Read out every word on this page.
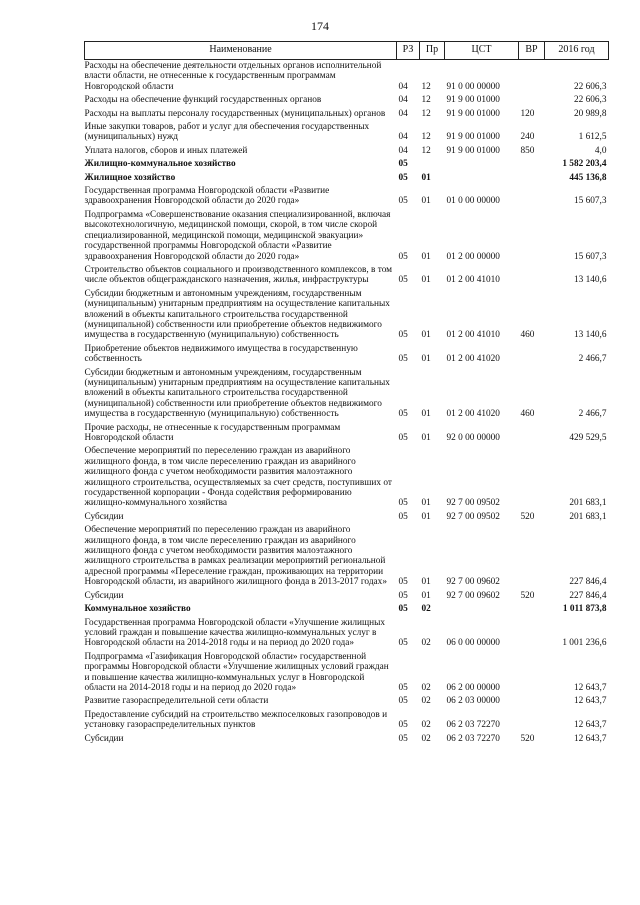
174
Наименование	РЗ	Пр	ЦСТ	ВР	2016 год
Расходы на обеспечение деятельности отдельных органов исполнительной власти области, не отнесенные к государственным программам Новгородской области	04	12	91 0 00 00000		22 606,3
Расходы на обеспечение функций государственных органов	04	12	91 9 00 01000		22 606,3
Расходы на выплаты персоналу государственных (муниципальных) органов	04	12	91 9 00 01000	120	20 989,8
Иные закупки товаров, работ и услуг для обеспечения государственных (муниципальных) нужд	04	12	91 9 00 01000	240	1 612,5
Уплата налогов, сборов и иных платежей	04	12	91 9 00 01000	850	4,0
Жилищно-коммунальное хозяйство	05				1 582 203,4
Жилищное хозяйство	05	01			445 136,8
Государственная программа Новгородской области «Развитие здравоохранения Новгородской области до 2020 года»	05	01	01 0 00 00000		15 607,3
Подпрограмма «Совершенствование оказания специализированной, включая высокотехнологичную, медицинской помощи, скорой, в том числе скорой специализированной, медицинской помощи, медицинской эвакуации» государственной программы Новгородской области «Развитие здравоохранения Новгородской области до 2020 года»	05	01	01 2 00 00000		15 607,3
Строительство объектов социального и производственного комплексов, в том числе объектов общегражданского назначения, жилья, инфраструктуры	05	01	01 2 00 41010		13 140,6
Субсидии бюджетным и автономным учреждениям, государственным (муниципальным) унитарным предприятиям на осуществление капитальных вложений в объекты капитального строительства государственной (муниципальной) собственности или приобретение объектов недвижимого имущества в государственную (муниципальную) собственность	05	01	01 2 00 41010	460	13 140,6
Приобретение объектов недвижимого имущества в государственную собственность	05	01	01 2 00 41020		2 466,7
Субсидии бюджетным и автономным учреждениям, государственным (муниципальным) унитарным предприятиям на осуществление капитальных вложений в объекты капитального строительства государственной (муниципальной) собственности или приобретение объектов недвижимого имущества в государственную (муниципальную) собственность	05	01	01 2 00 41020	460	2 466,7
Прочие расходы, не отнесенные к государственным программам Новгородской области	05	01	92 0 00 00000		429 529,5
Обеспечение мероприятий по переселению граждан из аварийного жилищного фонда, в том числе переселению граждан из аварийного жилищного фонда с учетом необходимости развития малоэтажного жилищного строительства, осуществляемых за счет средств, поступивших от государственной корпорации - Фонда содействия реформированию жилищно-коммунального хозяйства	05	01	92 7 00 09502		201 683,1
Субсидии	05	01	92 7 00 09502	520	201 683,1
Обеспечение мероприятий по переселению граждан из аварийного жилищного фонда, в том числе переселению граждан из аварийного жилищного фонда с учетом необходимости развития малоэтажного жилищного строительства в рамках реализации мероприятий региональной адресной программы «Переселение граждан, проживающих на территории Новгородской области, из аварийного жилищного фонда в 2013-2017 годах»	05	01	92 7 00 09602		227 846,4
Субсидии	05	01	92 7 00 09602	520	227 846,4
Коммунальное хозяйство	05	02			1 011 873,8
Государственная программа Новгородской области «Улучшение жилищных условий граждан и повышение качества жилищно-коммунальных услуг в Новгородской области на 2014-2018 годы и на период до 2020 года»	05	02	06 0 00 00000		1 001 236,6
Подпрограмма «Газификация Новгородской области» государственной программы Новгородской области «Улучшение жилищных условий граждан и повышение качества жилищно-коммунальных услуг в Новгородской области на 2014-2018 годы и на период до 2020 года»	05	02	06 2 00 00000		12 643,7
Развитие газораспределительной сети области	05	02	06 2 03 00000		12 643,7
Предоставление субсидий на строительство межпоселковых газопроводов и установку газораспределительных пунктов	05	02	06 2 03 72270		12 643,7
Субсидии	05	02	06 2 03 72270	520	12 643,7
